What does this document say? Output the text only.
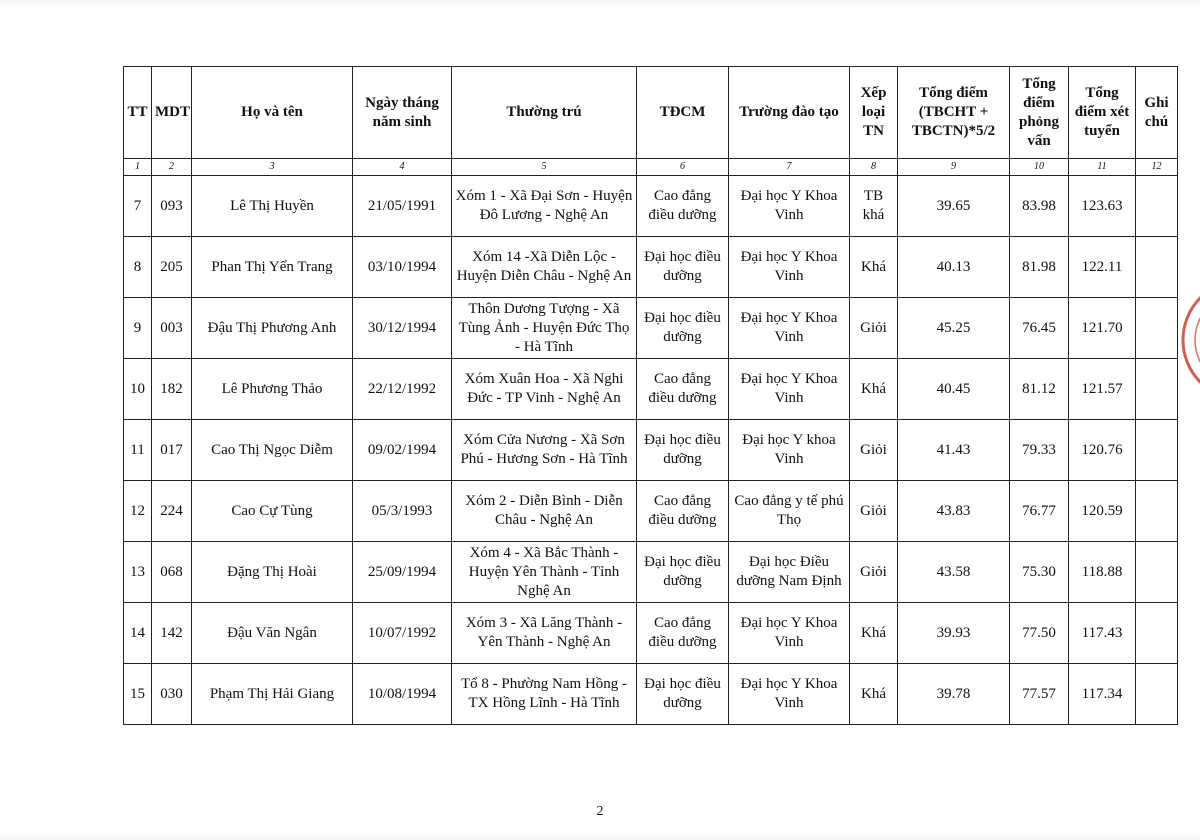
TT	MDT	Họ và tên	Ngày tháng năm sinh	Thường trú	TĐCM	Trường đào tạo	Xếp loại TN	Tổng điểm (TBCHT + TBCTN)*5/2	Tổng điểm phỏng vấn	Tổng điểm xét tuyển	Ghi chú
1	2	3	4	5	6	7	8	9	10	11	12
7	093	Lê Thị Huyền	21/05/1991	Xóm 1 - Xã Đại Sơn - Huyện Đô Lương - Nghệ An	Cao đẳng điều dưỡng	Đại học Y Khoa Vinh	TB khá	39.65	83.98	123.63	
8	205	Phan Thị Yến Trang	03/10/1994	Xóm 14 -Xã Diễn Lộc - Huyện Diễn Châu - Nghệ An	Đại học điều dưỡng	Đại học Y Khoa Vinh	Khá	40.13	81.98	122.11	
9	003	Đậu Thị Phương Anh	30/12/1994	Thôn Dương Tượng - Xã Tùng Ảnh - Huyện Đức Thọ - Hà Tĩnh	Đại học điều dưỡng	Đại học Y Khoa Vinh	Giỏi	45.25	76.45	121.70	
10	182	Lê Phương Thảo	22/12/1992	Xóm Xuân Hoa - Xã Nghi Đức - TP Vinh - Nghệ An	Cao đẳng điều dưỡng	Đại học Y Khoa Vinh	Khá	40.45	81.12	121.57	
11	017	Cao Thị Ngọc Diễm	09/02/1994	Xóm Cửa Nương - Xã Sơn Phú - Hương Sơn - Hà Tĩnh	Đại học điều dưỡng	Đại học Y khoa Vinh	Giỏi	41.43	79.33	120.76	
12	224	Cao Cự Tùng	05/3/1993	Xóm 2 - Diễn Bình - Diễn Châu - Nghệ An	Cao đẳng điều dưỡng	Cao đẳng y tế phú Thọ	Giỏi	43.83	76.77	120.59	
13	068	Đặng Thị Hoài	25/09/1994	Xóm 4 - Xã Bắc Thành - Huyện Yên Thành - Tỉnh Nghệ An	Đại học điều dưỡng	Đại học Điều dưỡng Nam Định	Giỏi	43.58	75.30	118.88	
14	142	Đậu Văn Ngân	10/07/1992	Xóm 3 - Xã Lăng Thành - Yên Thành - Nghệ An	Cao đẳng điều dưỡng	Đại học Y Khoa Vinh	Khá	39.93	77.50	117.43	
15	030	Phạm Thị Hải Giang	10/08/1994	Tổ 8 - Phường Nam Hồng - TX Hồng Lĩnh - Hà Tĩnh	Đại học điều dưỡng	Đại học Y Khoa Vinh	Khá	39.78	77.57	117.34	
2
